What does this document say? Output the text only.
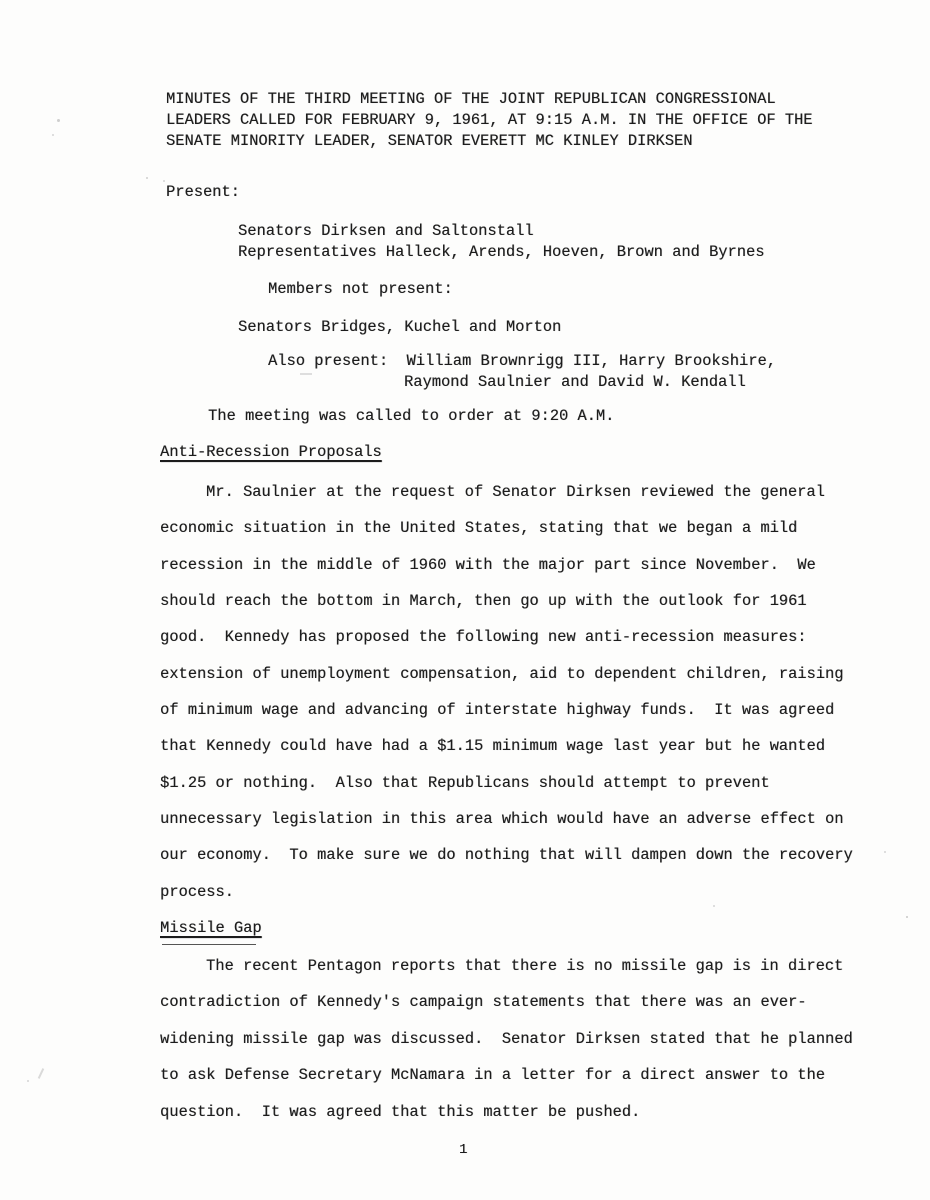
MINUTES OF THE THIRD MEETING OF THE JOINT REPUBLICAN CONGRESSIONAL
LEADERS CALLED FOR FEBRUARY 9, 1961, AT 9:15 A.M. IN THE OFFICE OF THE
SENATE MINORITY LEADER, SENATOR EVERETT MC KINLEY DIRKSEN
Present:
Senators Dirksen and Saltonstall
Representatives Halleck, Arends, Hoeven, Brown and Byrnes
Members not present:
Senators Bridges, Kuchel and Morton
Also present:  William Brownrigg III, Harry Brookshire,
Raymond Saulnier and David W. Kendall
The meeting was called to order at 9:20 A.M.
Anti-Recession Proposals
Mr. Saulnier at the request of Senator Dirksen reviewed the general
economic situation in the United States, stating that we began a mild
recession in the middle of 1960 with the major part since November.  We
should reach the bottom in March, then go up with the outlook for 1961
good.  Kennedy has proposed the following new anti-recession measures:
extension of unemployment compensation, aid to dependent children, raising
of minimum wage and advancing of interstate highway funds.  It was agreed
that Kennedy could have had a $1.15 minimum wage last year but he wanted
$1.25 or nothing.  Also that Republicans should attempt to prevent
unnecessary legislation in this area which would have an adverse effect on
our economy.  To make sure we do nothing that will dampen down the recovery
process.
Missile Gap
The recent Pentagon reports that there is no missile gap is in direct
contradiction of Kennedy's campaign statements that there was an ever-
widening missile gap was discussed.  Senator Dirksen stated that he planned
to ask Defense Secretary McNamara in a letter for a direct answer to the
question.  It was agreed that this matter be pushed.
1
